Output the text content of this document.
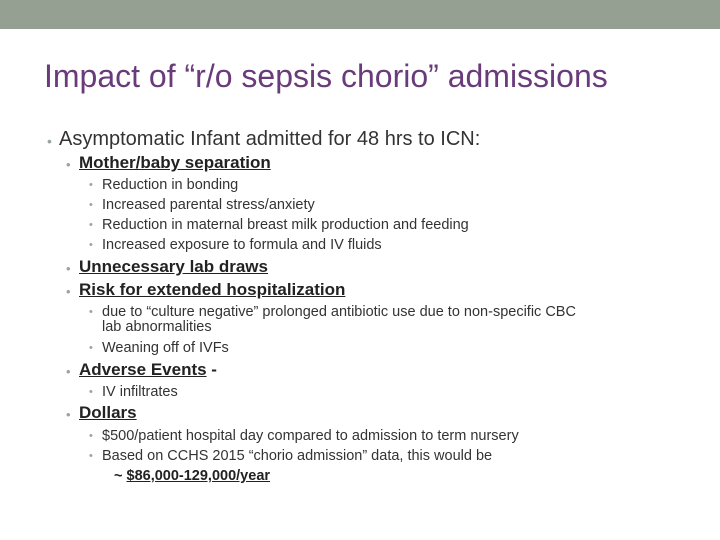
Impact of “r/o sepsis chorio” admissions
• Asymptomatic Infant admitted for 48 hrs to ICN:
• Mother/baby separation
• Reduction in bonding
• Increased parental stress/anxiety
• Reduction in maternal breast milk production and feeding
• Increased exposure to formula and IV fluids
• Unnecessary lab draws
• Risk for extended hospitalization
• due to “culture negative” prolonged antibiotic use due to non-specific CBC
lab abnormalities
• Weaning off of IVFs
• Adverse Events -
• IV infiltrates
• Dollars
• $500/patient hospital day compared to admission to term nursery
• Based on CCHS 2015 “chorio admission” data, this would be
~ $86,000-129,000/year
